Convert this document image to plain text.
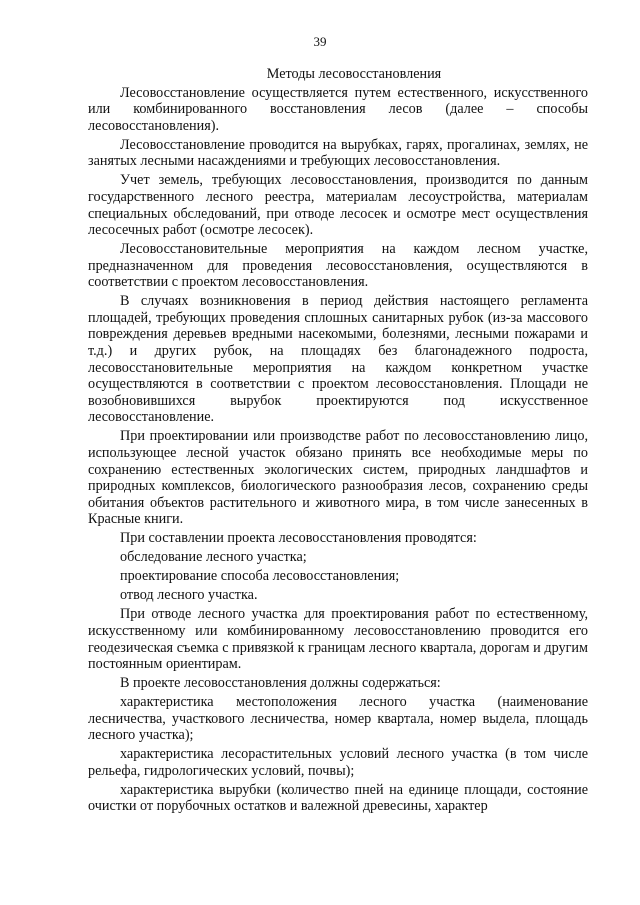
39
Методы лесовосстановления

Лесовосстановление осуществляется путем естественного, искусственного или комбинированного восстановления лесов (далее – способы лесовосстановления).

Лесовосстановление проводится на вырубках, гарях, прогалинах, землях, не занятых лесными насаждениями и требующих лесовосстановления.

Учет земель, требующих лесовосстановления, производится по данным государственного лесного реестра, материалам лесоустройства, материалам специальных обследований, при отводе лесосек и осмотре мест осуществления лесосечных работ (осмотре лесосек).

Лесовосстановительные мероприятия на каждом лесном участке, предназначенном для проведения лесовосстановления, осуществляются в соответствии с проектом лесовосстановления.

В случаях возникновения в период действия настоящего регламента площадей, требующих проведения сплошных санитарных рубок (из-за массового повреждения деревьев вредными насекомыми, болезнями, лесными пожарами и т.д.) и других рубок, на площадях без благонадежного подроста, лесовосстановительные мероприятия на каждом конкретном участке осуществляются в соответствии с проектом лесовосстановления. Площади не возобновившихся вырубок проектируются под искусственное лесовосстановление.

При проектировании или производстве работ по лесовосстановлению лицо, использующее лесной участок обязано принять все необходимые меры по сохранению естественных экологических систем, природных ландшафтов и природных комплексов, биологического разнообразия лесов, сохранению среды обитания объектов растительного и животного мира, в том числе занесенных в Красные книги.

При составлении проекта лесовосстановления проводятся:

обследование лесного участка;

проектирование способа лесовосстановления;

отвод лесного участка.

При отводе лесного участка для проектирования работ по естественному, искусственному или комбинированному лесовосстановлению проводится его геодезическая съемка с привязкой к границам лесного квартала, дорогам и другим постоянным ориентирам.

В проекте лесовосстановления должны содержаться:

характеристика местоположения лесного участка (наименование лесничества, участкового лесничества, номер квартала, номер выдела, площадь лесного участка);

характеристика лесорастительных условий лесного участка (в том числе рельефа, гидрологических условий, почвы);

характеристика вырубки (количество пней на единице площади, состояние очистки от порубочных остатков и валежной древесины, характер
